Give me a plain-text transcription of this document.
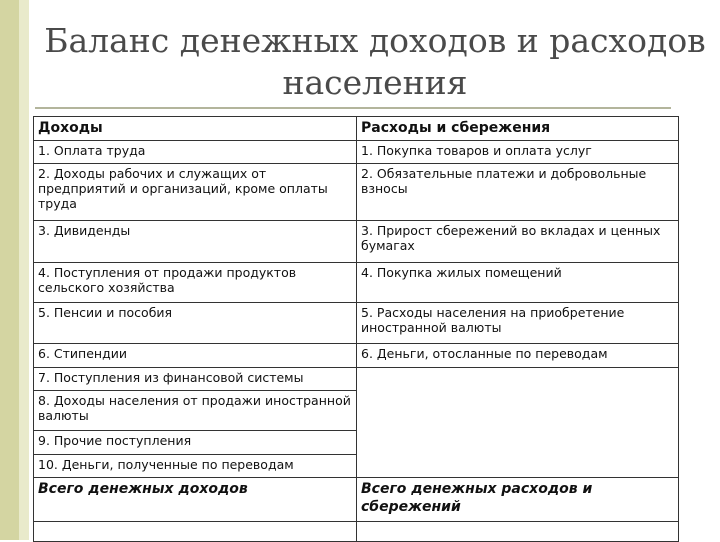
Баланс денежных доходов и расходов населения
Доходы	Расходы и сбережения
1. Оплата труда	1. Покупка товаров и оплата услуг
2. Доходы рабочих и служащих от предприятий и организаций, кроме оплаты труда	2. Обязательные платежи и добровольные взносы
3. Дивиденды	3. Прирост сбережений во вкладах и ценных бумагах
4. Поступления от продажи продуктов сельского хозяйства	4. Покупка жилых помещений
5. Пенсии и пособия	5. Расходы населения на приобретение иностранной валюты
6. Стипендии	6. Деньги, отосланные по переводам
7. Поступления из финансовой системы	
8. Доходы населения от продажи иностранной валюты	
9. Прочие поступления	
10. Деньги, полученные по переводам	
Всего денежных доходов	Всего денежных расходов и сбережений
